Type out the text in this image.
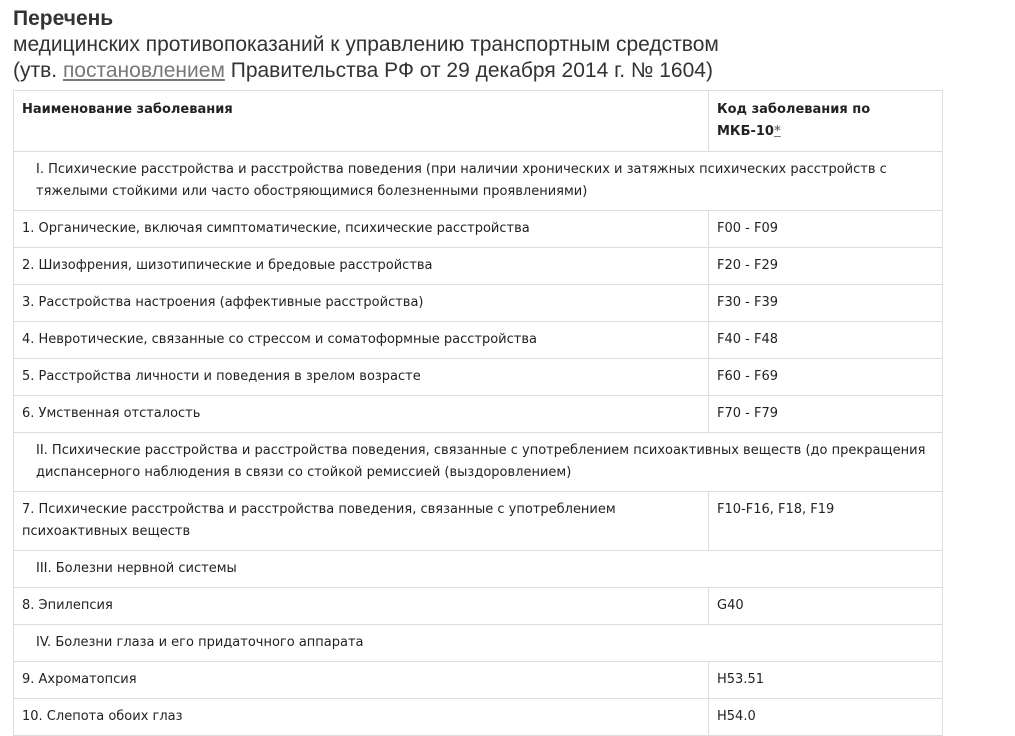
Перечень
медицинских противопоказаний к управлению транспортным средством
(утв. постановлением Правительства РФ от 29 декабря 2014 г. № 1604)
Наименование заболевания	Код заболевания по МКБ-10*
I. Психические расстройства и расстройства поведения (при наличии хронических и затяжных психических расстройств с тяжелыми стойкими или часто обостряющимися болезненными проявлениями)	
1. Органические, включая симптоматические, психические расстройства	F00 - F09
2. Шизофрения, шизотипические и бредовые расстройства	F20 - F29
3. Расстройства настроения (аффективные расстройства)	F30 - F39
4. Невротические, связанные со стрессом и соматоформные расстройства	F40 - F48
5. Расстройства личности и поведения в зрелом возрасте	F60 - F69
6. Умственная отсталость	F70 - F79
II. Психические расстройства и расстройства поведения, связанные с употреблением психоактивных веществ (до прекращения диспансерного наблюдения в связи со стойкой ремиссией (выздоровлением)	
7. Психические расстройства и расстройства поведения, связанные с употреблением психоактивных веществ	F10-F16, F18, F19
III. Болезни нервной системы	
8. Эпилепсия	G40
IV. Болезни глаза и его придаточного аппарата	
9. Ахроматопсия	H53.51
10. Слепота обоих глаз	H54.0
